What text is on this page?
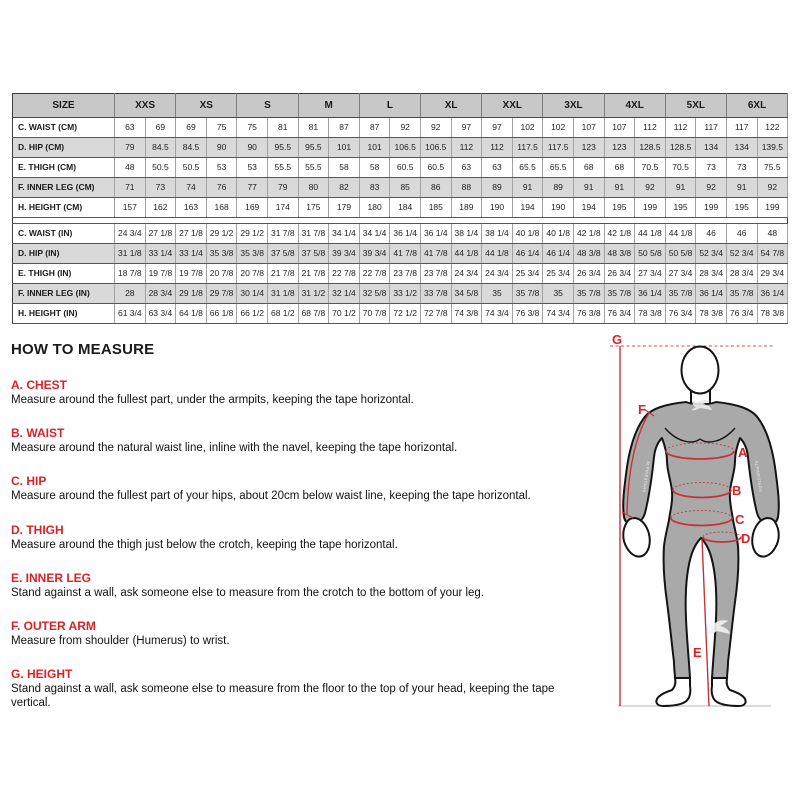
SIZE	XXS		XS		S		M		L		XL		XXL		3XL		4XL		5XL		6XL	
C. WAIST (CM)	63	69	69	75	75	81	81	87	87	92	92	97	97	102	102	107	107	112	112	117	117	122
D. HIP (CM)	79	84.5	84.5	90	90	95.5	95.5	101	101	106.5	106.5	112	112	117.5	117.5	123	123	128.5	128.5	134	134	139.5
E. THIGH (CM)	48	50.5	50.5	53	53	55.5	55.5	58	58	60.5	60.5	63	63	65.5	65.5	68	68	70.5	70.5	73	73	75.5
F. INNER LEG (CM)	71	73	74	76	77	79	80	82	83	85	86	88	89	91	89	91	91	92	91	92	91	92
H. HEIGHT (CM)	157	162	163	168	169	174	175	179	180	184	185	189	190	194	190	194	195	199	195	199	195	199

C. WAIST (IN)	24 3/4	27 1/8	27 1/8	29 1/2	29 1/2	31 7/8	31 7/8	34 1/4	34 1/4	36 1/4	36 1/4	38 1/4	38 1/4	40 1/8	40 1/8	42 1/8	42 1/8	44 1/8	44 1/8	46	46	48
D. HIP (IN)	31 1/8	33 1/4	33 1/4	35 3/8	35 3/8	37 5/8	37 5/8	39 3/4	39 3/4	41 7/8	41 7/8	44 1/8	44 1/8	46 1/4	46 1/4	48 3/8	48 3/8	50 5/8	50 5/8	52 3/4	52 3/4	54 7/8
E. THIGH (IN)	18 7/8	19 7/8	19 7/8	20 7/8	20 7/8	21 7/8	21 7/8	22 7/8	22 7/8	23 7/8	23 7/8	24 3/4	24 3/4	25 3/4	25 3/4	26 3/4	26 3/4	27 3/4	27 3/4	28 3/4	28 3/4	29 3/4
F. INNER LEG (IN)	28	28 3/4	29 1/8	29 7/8	30 1/4	31 1/8	31 1/2	32 1/4	32 5/8	33 1/2	33 7/8	34 5/8	35	35 7/8	35	35 7/8	35 7/8	36 1/4	35 7/8	36 1/4	35 7/8	36 1/4
H. HEIGHT (IN)	61 3/4	63 3/4	64 1/8	66 1/8	66 1/2	68 1/2	68 7/8	70 1/2	70 7/8	72 1/2	72 7/8	74 3/8	74 3/4	76 3/8	74 3/4	76 3/8	76 3/4	78 3/8	76 3/4	78 3/8	76 3/4	78 3/8
HOW TO MEASURE
A. CHEST
Measure around the fullest part, under the armpits, keeping the tape horizontal.
B. WAIST
Measure around the natural waist line, inline with the navel, keeping the tape horizontal.
C. HIP
Measure around the fullest part of your hips, about 20cm below waist line, keeping the tape horizontal.
D. THIGH
Measure around the thigh just below the crotch, keeping the tape horizontal.
E. INNER LEG
Stand against a wall, ask someone else to measure from the crotch to the bottom of your leg.
F. OUTER ARM
Measure from shoulder (Humerus) to wrist.
G. HEIGHT
Stand against a wall, ask someone else to measure from the floor to the top of your head, keeping the tape vertical.
ALPINESTARS	ALPINESTARS
G
F
A
B
C
D
E
